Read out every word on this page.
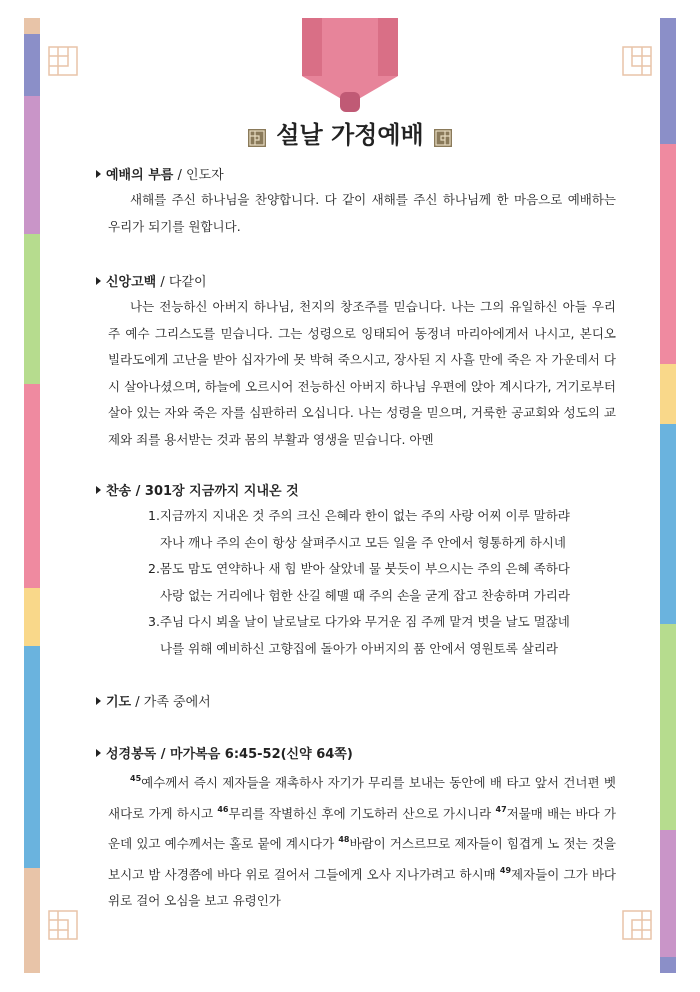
설날 가정예배
예배의 부름 / 인도자
새해를 주신 하나님을 찬양합니다. 다 같이 새해를 주신 하나님께 한 마음으로 예배하는 우리가 되기를 원합니다.
신앙고백 / 다같이
나는 전능하신 아버지 하나님, 천지의 창조주를 믿습니다. 나는 그의 유일하신 아들 우리 주 예수 그리스도를 믿습니다. 그는 성령으로 잉태되어 동정녀 마리아에게서 나시고, 본디오 빌라도에게 고난을 받아 십자가에 못 박혀 죽으시고, 장사된 지 사흘 만에 죽은 자 가운데서 다시 살아나셨으며, 하늘에 오르시어 전능하신 아버지 하나님 우편에 앉아 계시다가, 거기로부터 살아 있는 자와 죽은 자를 심판하러 오십니다. 나는 성령을 믿으며, 거룩한 공교회와 성도의 교제와 죄를 용서받는 것과 몸의 부활과 영생을 믿습니다. 아멘
찬송 / 301장 지금까지 지내온 것
1.지금까지 지내온 것 주의 크신 은혜라 한이 없는 주의 사랑 어찌 이루 말하랴
자나 깨나 주의 손이 항상 살펴주시고 모든 일을 주 안에서 형통하게 하시네
2.몸도 맘도 연약하나 새 힘 받아 살았네 물 붓듯이 부으시는 주의 은혜 족하다
사랑 없는 거리에나 험한 산길 헤맬 때 주의 손을 굳게 잡고 찬송하며 가리라
3.주님 다시 뵈올 날이 날로날로 다가와 무거운 짐 주께 맡겨 벗을 날도 멀잖네
나를 위해 예비하신 고향집에 돌아가 아버지의 품 안에서 영원토록 살리라
기도 / 가족 중에서
성경봉독 / 마가복음 6:45-52(신약 64쪽)
$^{45}$예수께서 즉시 제자들을 재촉하사 자기가 무리를 보내는 동안에 배 타고 앞서 건너편 벳새다로 가게 하시고 $^{46}$무리를 작별하신 후에 기도하러 산으로 가시니라 $^{47}$저물매 배는 바다 가운데 있고 예수께서는 홀로 뭍에 계시다가 $^{48}$바람이 거스르므로 제자들이 힘겹게 노 젓는 것을 보시고 밤 사경쯤에 바다 위로 걸어서 그들에게 오사 지나가려고 하시매 $^{49}$제자들이 그가 바다 위로 걸어 오심을 보고 유령인가
